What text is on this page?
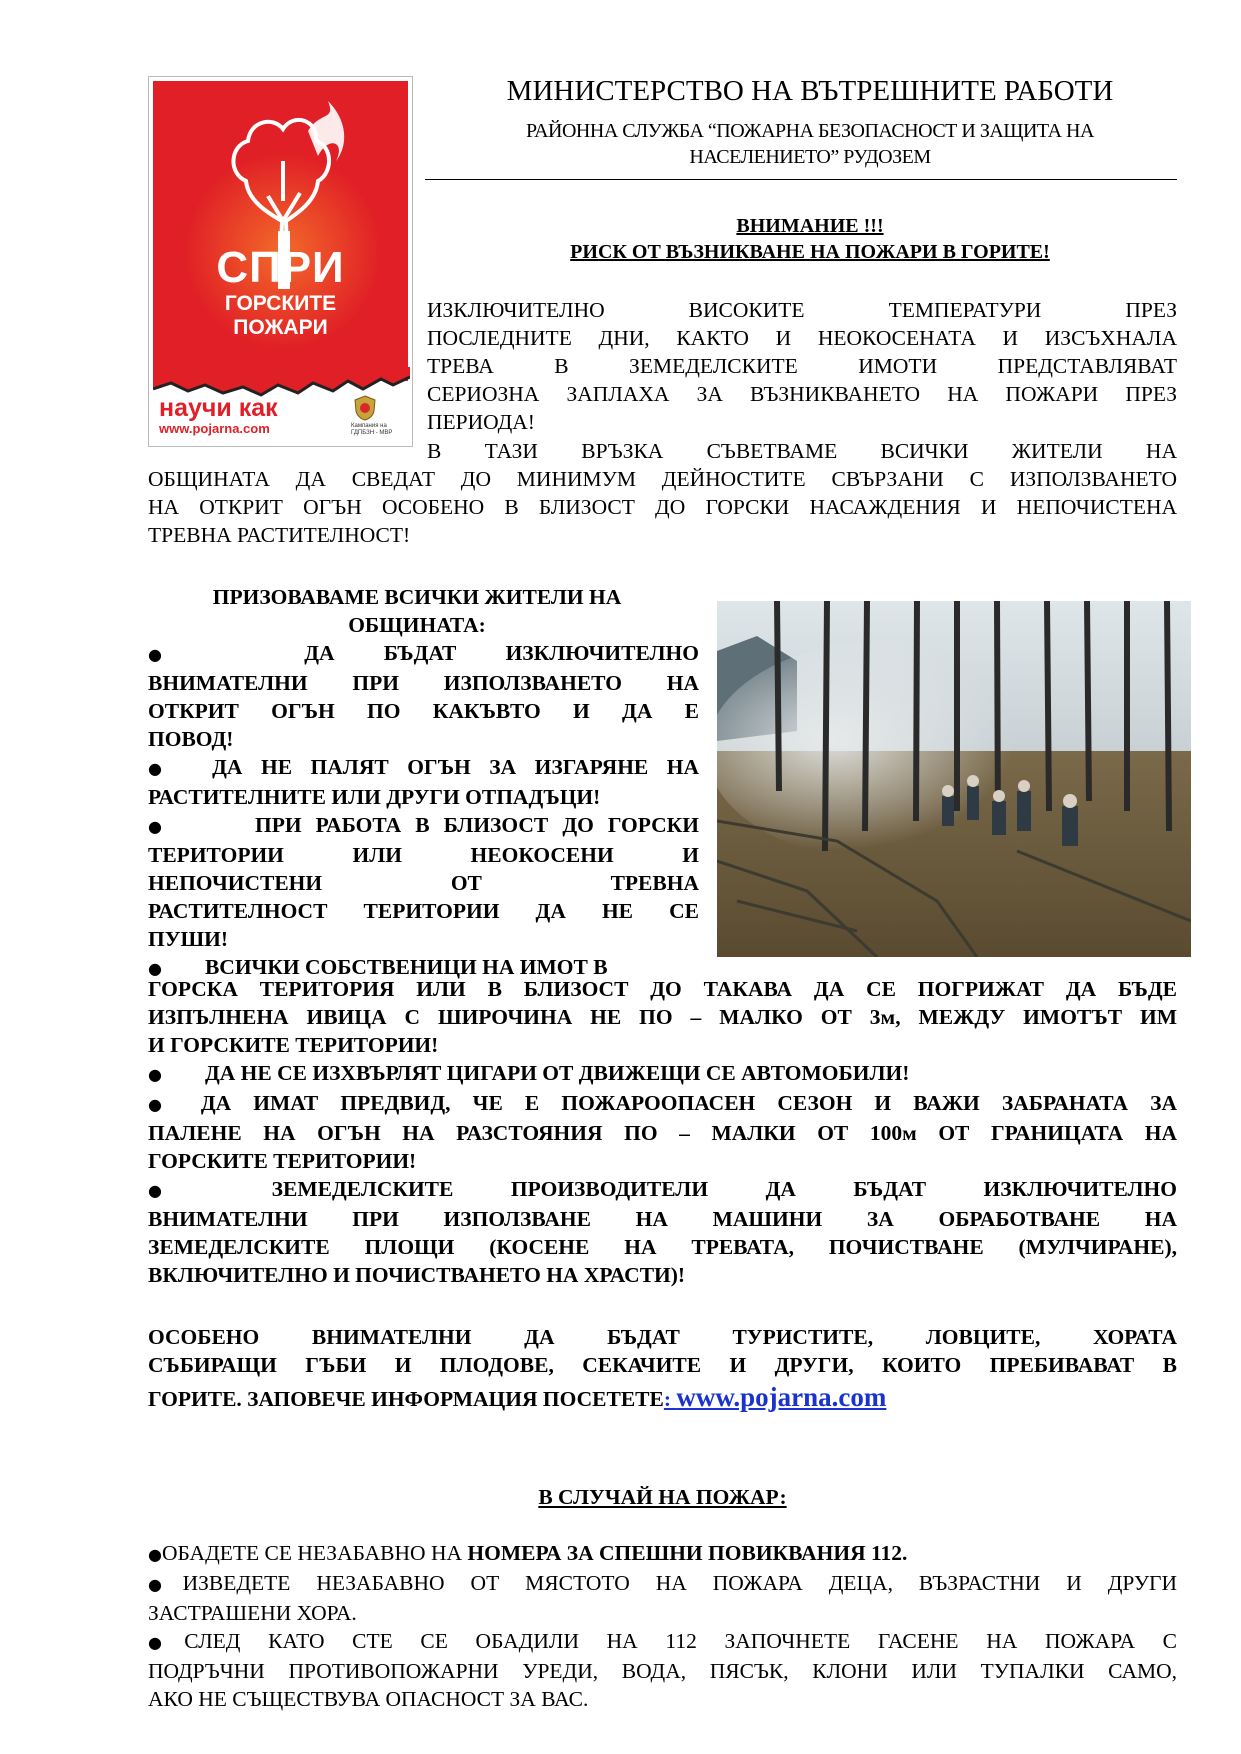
СПРИ
ГОРСКИТЕ
ПОЖАРИ
научи как
www.pojarna.com	Кампания на ГДПБЗН - МВР
МИНИСТЕРСТВО НА ВЪТРЕШНИТЕ РАБОТИ
РАЙОННА СЛУЖБА “ПОЖАРНА БЕЗОПАСНОСТ И ЗАЩИТА НА
НАСЕЛЕНИЕТО” РУДОЗЕМ
ВНИМАНИЕ !!!
РИСК ОТ ВЪЗНИКВАНЕ НА ПОЖАРИ В ГОРИТЕ!
ИЗКЛЮЧИТЕЛНО ВИСОКИТЕ ТЕМПЕРАТУРИ ПРЕЗ
ПОСЛЕДНИТЕ ДНИ, КАКТО И НЕОКОСЕНАТА И ИЗСЪХНАЛА
ТРЕВА В ЗЕМЕДЕЛСКИТЕ ИМОТИ ПРЕДСТАВЛЯВАТ
СЕРИОЗНА ЗАПЛАХА ЗА ВЪЗНИКВАНЕТО НА ПОЖАРИ ПРЕЗ
ПЕРИОДА!
В ТАЗИ ВРЪЗКА СЪВЕТВАМЕ ВСИЧКИ ЖИТЕЛИ НА
ОБЩИНАТА ДА СВЕДАТ ДО МИНИМУМ ДЕЙНОСТИТЕ СВЪРЗАНИ С ИЗПОЛЗВАНЕТО
НА ОТКРИТ ОГЪН ОСОБЕНО В БЛИЗОСТ ДО ГОРСКИ НАСАЖДЕНИЯ И НЕПОЧИСТЕНА
ТРЕВНА РАСТИТЕЛНОСТ!
ПРИЗОВАВАМЕ ВСИЧКИ ЖИТЕЛИ НА
ОБЩИНАТА:
●	ДА БЪДАТ ИЗКЛЮЧИТЕЛНО
ВНИМАТЕЛНИ ПРИ ИЗПОЛЗВАНЕТО НА
ОТКРИТ ОГЪН ПО КАКЪВТО И ДА Е
ПОВОД!
● ДА НЕ ПАЛЯТ ОГЪН ЗА ИЗГАРЯНЕ НА
РАСТИТЕЛНИТЕ ИЛИ ДРУГИ ОТПАДЪЦИ!
●	ПРИ РАБОТА В БЛИЗОСТ ДО ГОРСКИ
ТЕРИТОРИИ ИЛИ НЕОКОСЕНИ И
НЕПОЧИСТЕНИ ОТ ТРЕВНА
РАСТИТЕЛНОСТ ТЕРИТОРИИ ДА НЕ СЕ
ПУШИ!
● ВСИЧКИ СОБСТВЕНИЦИ НА ИМОТ В
ГОРСКА ТЕРИТОРИЯ ИЛИ В БЛИЗОСТ ДО ТАКАВА ДА СЕ ПОГРИЖАТ ДА БЪДЕ
ИЗПЪЛНЕНА ИВИЦА С ШИРОЧИНА НЕ ПО – МАЛКО ОТ 3м, МЕЖДУ ИМОТЪТ ИМ
И ГОРСКИТЕ ТЕРИТОРИИ!
● ДА НЕ СЕ ИЗХВЪРЛЯТ ЦИГАРИ ОТ ДВИЖЕЩИ СЕ АВТОМОБИЛИ!
● ДА ИМАТ ПРЕДВИД, ЧЕ Е ПОЖАРООПАСЕН СЕЗОН И ВАЖИ ЗАБРАНАТА ЗА
ПАЛЕНЕ НА ОГЪН НА РАЗСТОЯНИЯ ПО – МАЛКИ ОТ 100м ОТ ГРАНИЦАТА НА
ГОРСКИТЕ ТЕРИТОРИИ!
●	ЗЕМЕДЕЛСКИТЕ ПРОИЗВОДИТЕЛИ ДА БЪДАТ ИЗКЛЮЧИТЕЛНО
ВНИМАТЕЛНИ ПРИ ИЗПОЛЗВАНЕ НА МАШИНИ ЗА ОБРАБОТВАНЕ НА
ЗЕМЕДЕЛСКИТЕ ПЛОЩИ (КОСЕНЕ НА ТРЕВАТА, ПОЧИСТВАНЕ (МУЛЧИРАНЕ),
ВКЛЮЧИТЕЛНО И ПОЧИСТВАНЕТО НА ХРАСТИ)!
ОСОБЕНО ВНИМАТЕЛНИ ДА БЪДАТ ТУРИСТИТЕ, ЛОВЦИТЕ, ХОРАТА
СЪБИРАЩИ ГЪБИ И ПЛОДОВЕ, СЕКАЧИТЕ И ДРУГИ, КОИТО ПРЕБИВАВАТ В
ГОРИТЕ. ЗАПОВЕЧЕ ИНФОРМАЦИЯ ПОСЕТЕТЕ: www.pojarna.com
В СЛУЧАЙ НА ПОЖАР:
●ОБАДЕТЕ СЕ НЕЗАБАВНО НА НОМЕРА ЗА СПЕШНИ ПОВИКВАНИЯ 112.
●ИЗВЕДЕТЕ НЕЗАБАВНО ОТ МЯСТОТО НА ПОЖАРА ДЕЦА, ВЪЗРАСТНИ И ДРУГИ
ЗАСТРАШЕНИ ХОРА.
●СЛЕД КАТО СТЕ СЕ ОБАДИЛИ НА 112 ЗАПОЧНЕТЕ ГАСЕНЕ НА ПОЖАРА С
ПОДРЪЧНИ ПРОТИВОПОЖАРНИ УРЕДИ, ВОДА, ПЯСЪК, КЛОНИ ИЛИ ТУПАЛКИ САМО,
АКО НЕ СЪЩЕСТВУВА ОПАСНОСТ ЗА ВАС.
